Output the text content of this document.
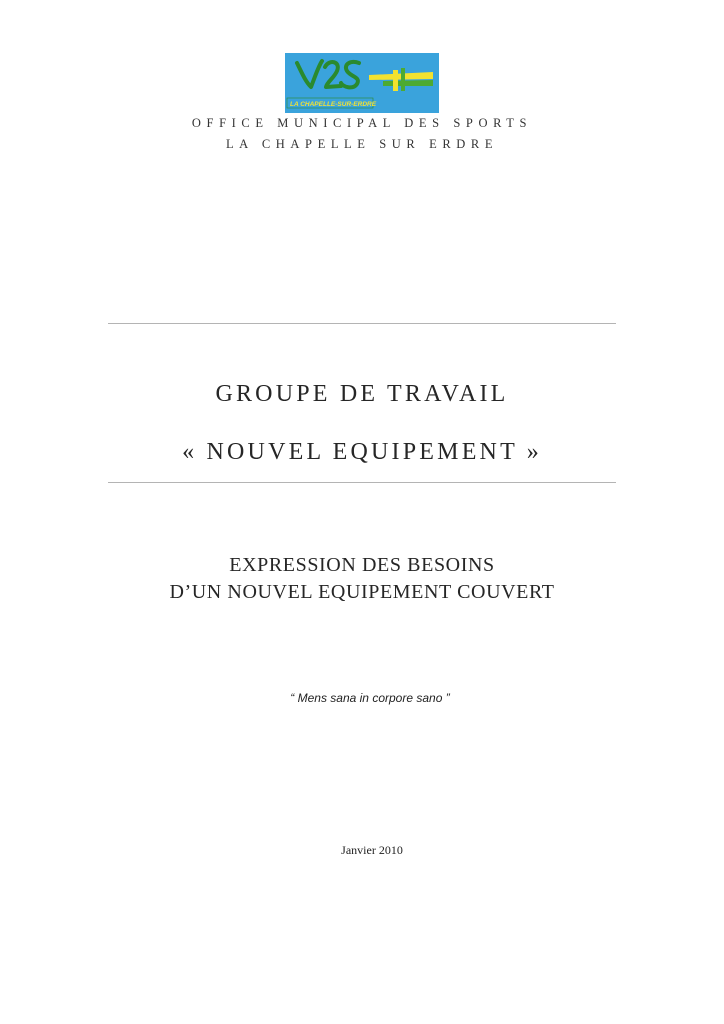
LA CHAPELLE-SUR-ERDRE
OFFICE MUNICIPAL DES SPORTS
LA CHAPELLE SUR ERDRE
GROUPE DE TRAVAIL
« NOUVEL EQUIPEMENT »
EXPRESSION DES BESOINS
D’UN NOUVEL EQUIPEMENT COUVERT
“ Mens sana in corpore sano ”
Janvier 2010
